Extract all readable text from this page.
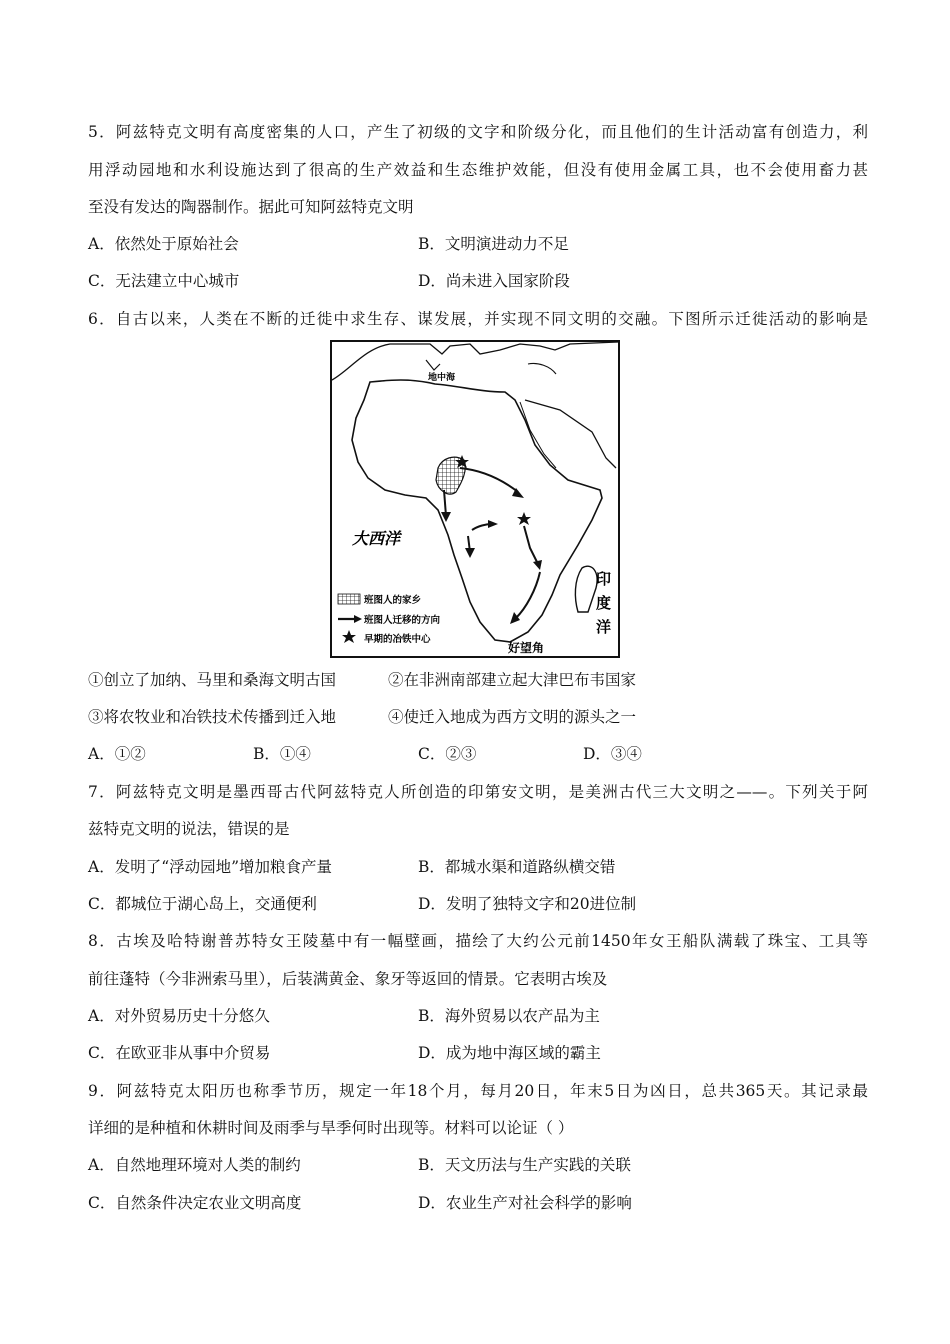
5．阿兹特克文明有高度密集的人口，产生了初级的文字和阶级分化，而且他们的生计活动富有创造力，利
用浮动园地和水利设施达到了很高的生产效益和生态维护效能，但没有使用金属工具，也不会使用畜力甚
至没有发达的陶器制作。据此可知阿兹特克文明
A．依然处于原始社会	B．文明演进动力不足
C．无法建立中心城市	D．尚未进入国家阶段
6．自古以来，人类在不断的迁徙中求生存、谋发展，并实现不同文明的交融。下图所示迁徙活动的影响是
地中海
大西洋
印
度
洋
好望角
班图人的家乡
班图人迁移的方向
早期的冶铁中心
①创立了加纳、马里和桑海文明古国	②在非洲南部建立起大津巴布韦国家
③将农牧业和冶铁技术传播到迁入地	④使迁入地成为西方文明的源头之一
A．①②	B．①④	C．②③	D．③④
7．阿兹特克文明是墨西哥古代阿兹特克人所创造的印第安文明，是美洲古代三大文明之——。下列关于阿
兹特克文明的说法，错误的是
A．发明了“浮动园地”增加粮食产量	B．都城水渠和道路纵横交错
C．都城位于湖心岛上，交通便利	D．发明了独特文字和20进位制
8．古埃及哈特谢普苏特女王陵墓中有一幅壁画，描绘了大约公元前1450年女王船队满载了珠宝、工具等
前往蓬特（今非洲索马里），后装满黄金、象牙等返回的情景。它表明古埃及
A．对外贸易历史十分悠久	B．海外贸易以农产品为主
C．在欧亚非从事中介贸易	D．成为地中海区域的霸主
9．阿兹特克太阳历也称季节历，规定一年18个月，每月20日，年末5日为凶日，总共365天。其记录最
详细的是种植和休耕时间及雨季与旱季何时出现等。材料可以论证（ ）
A．自然地理环境对人类的制约	B．天文历法与生产实践的关联
C．自然条件决定农业文明高度	D．农业生产对社会科学的影响
